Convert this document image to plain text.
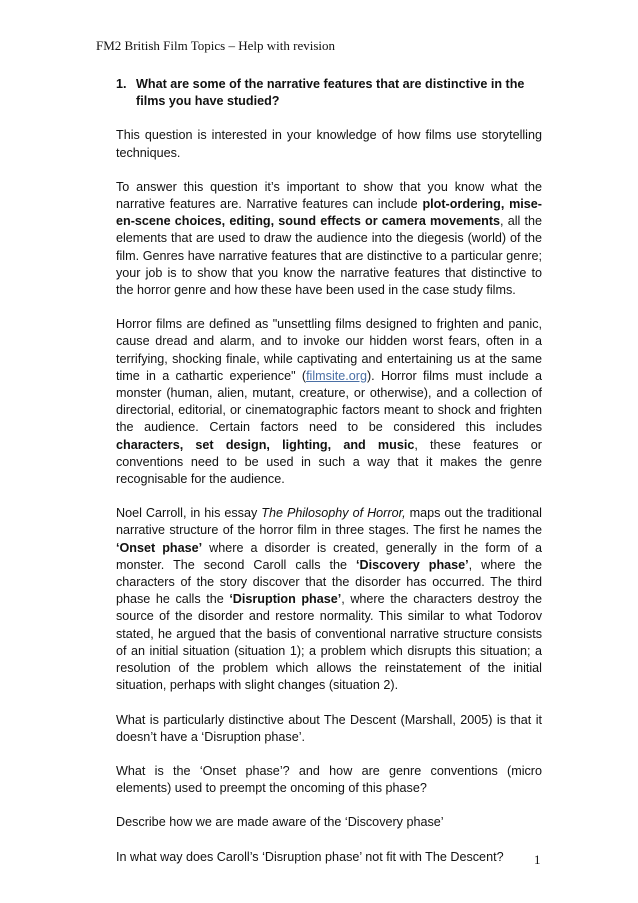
FM2 British Film Topics – Help with revision
1. What are some of the narrative features that are distinctive in the films you have studied?

This question is interested in your knowledge of how films use storytelling techniques.

To answer this question it’s important to show that you know what the narrative features are. Narrative features can include plot-ordering, mise-en-scene choices, editing, sound effects or camera movements, all the elements that are used to draw the audience into the diegesis (world) of the film. Genres have narrative features that are distinctive to a particular genre; your job is to show that you know the narrative features that distinctive to the horror genre and how these have been used in the case study films.

Horror films are defined as "unsettling films designed to frighten and panic, cause dread and alarm, and to invoke our hidden worst fears, often in a terrifying, shocking finale, while captivating and entertaining us at the same time in a cathartic experience" (filmsite.org). Horror films must include a monster (human, alien, mutant, creature, or otherwise), and a collection of directorial, editorial, or cinematographic factors meant to shock and frighten the audience. Certain factors need to be considered this includes characters, set design, lighting, and music, these features or conventions need to be used in such a way that it makes the genre recognisable for the audience.

Noel Carroll, in his essay The Philosophy of Horror, maps out the traditional narrative structure of the horror film in three stages. The first he names the ‘Onset phase’ where a disorder is created, generally in the form of a monster. The second Caroll calls the ‘Discovery phase’, where the characters of the story discover that the disorder has occurred. The third phase he calls the ‘Disruption phase’, where the characters destroy the source of the disorder and restore normality. This similar to what Todorov stated, he argued that the basis of conventional narrative structure consists of an initial situation (situation 1); a problem which disrupts this situation; a resolution of the problem which allows the reinstatement of the initial situation, perhaps with slight changes (situation 2).

What is particularly distinctive about The Descent (Marshall, 2005) is that it doesn’t have a ‘Disruption phase’.

What is the ‘Onset phase’? and how are genre conventions (micro elements) used to preempt the oncoming of this phase?

Describe how we are made aware of the ‘Discovery phase’

In what way does Caroll’s ‘Disruption phase’ not fit with The Descent?	1
